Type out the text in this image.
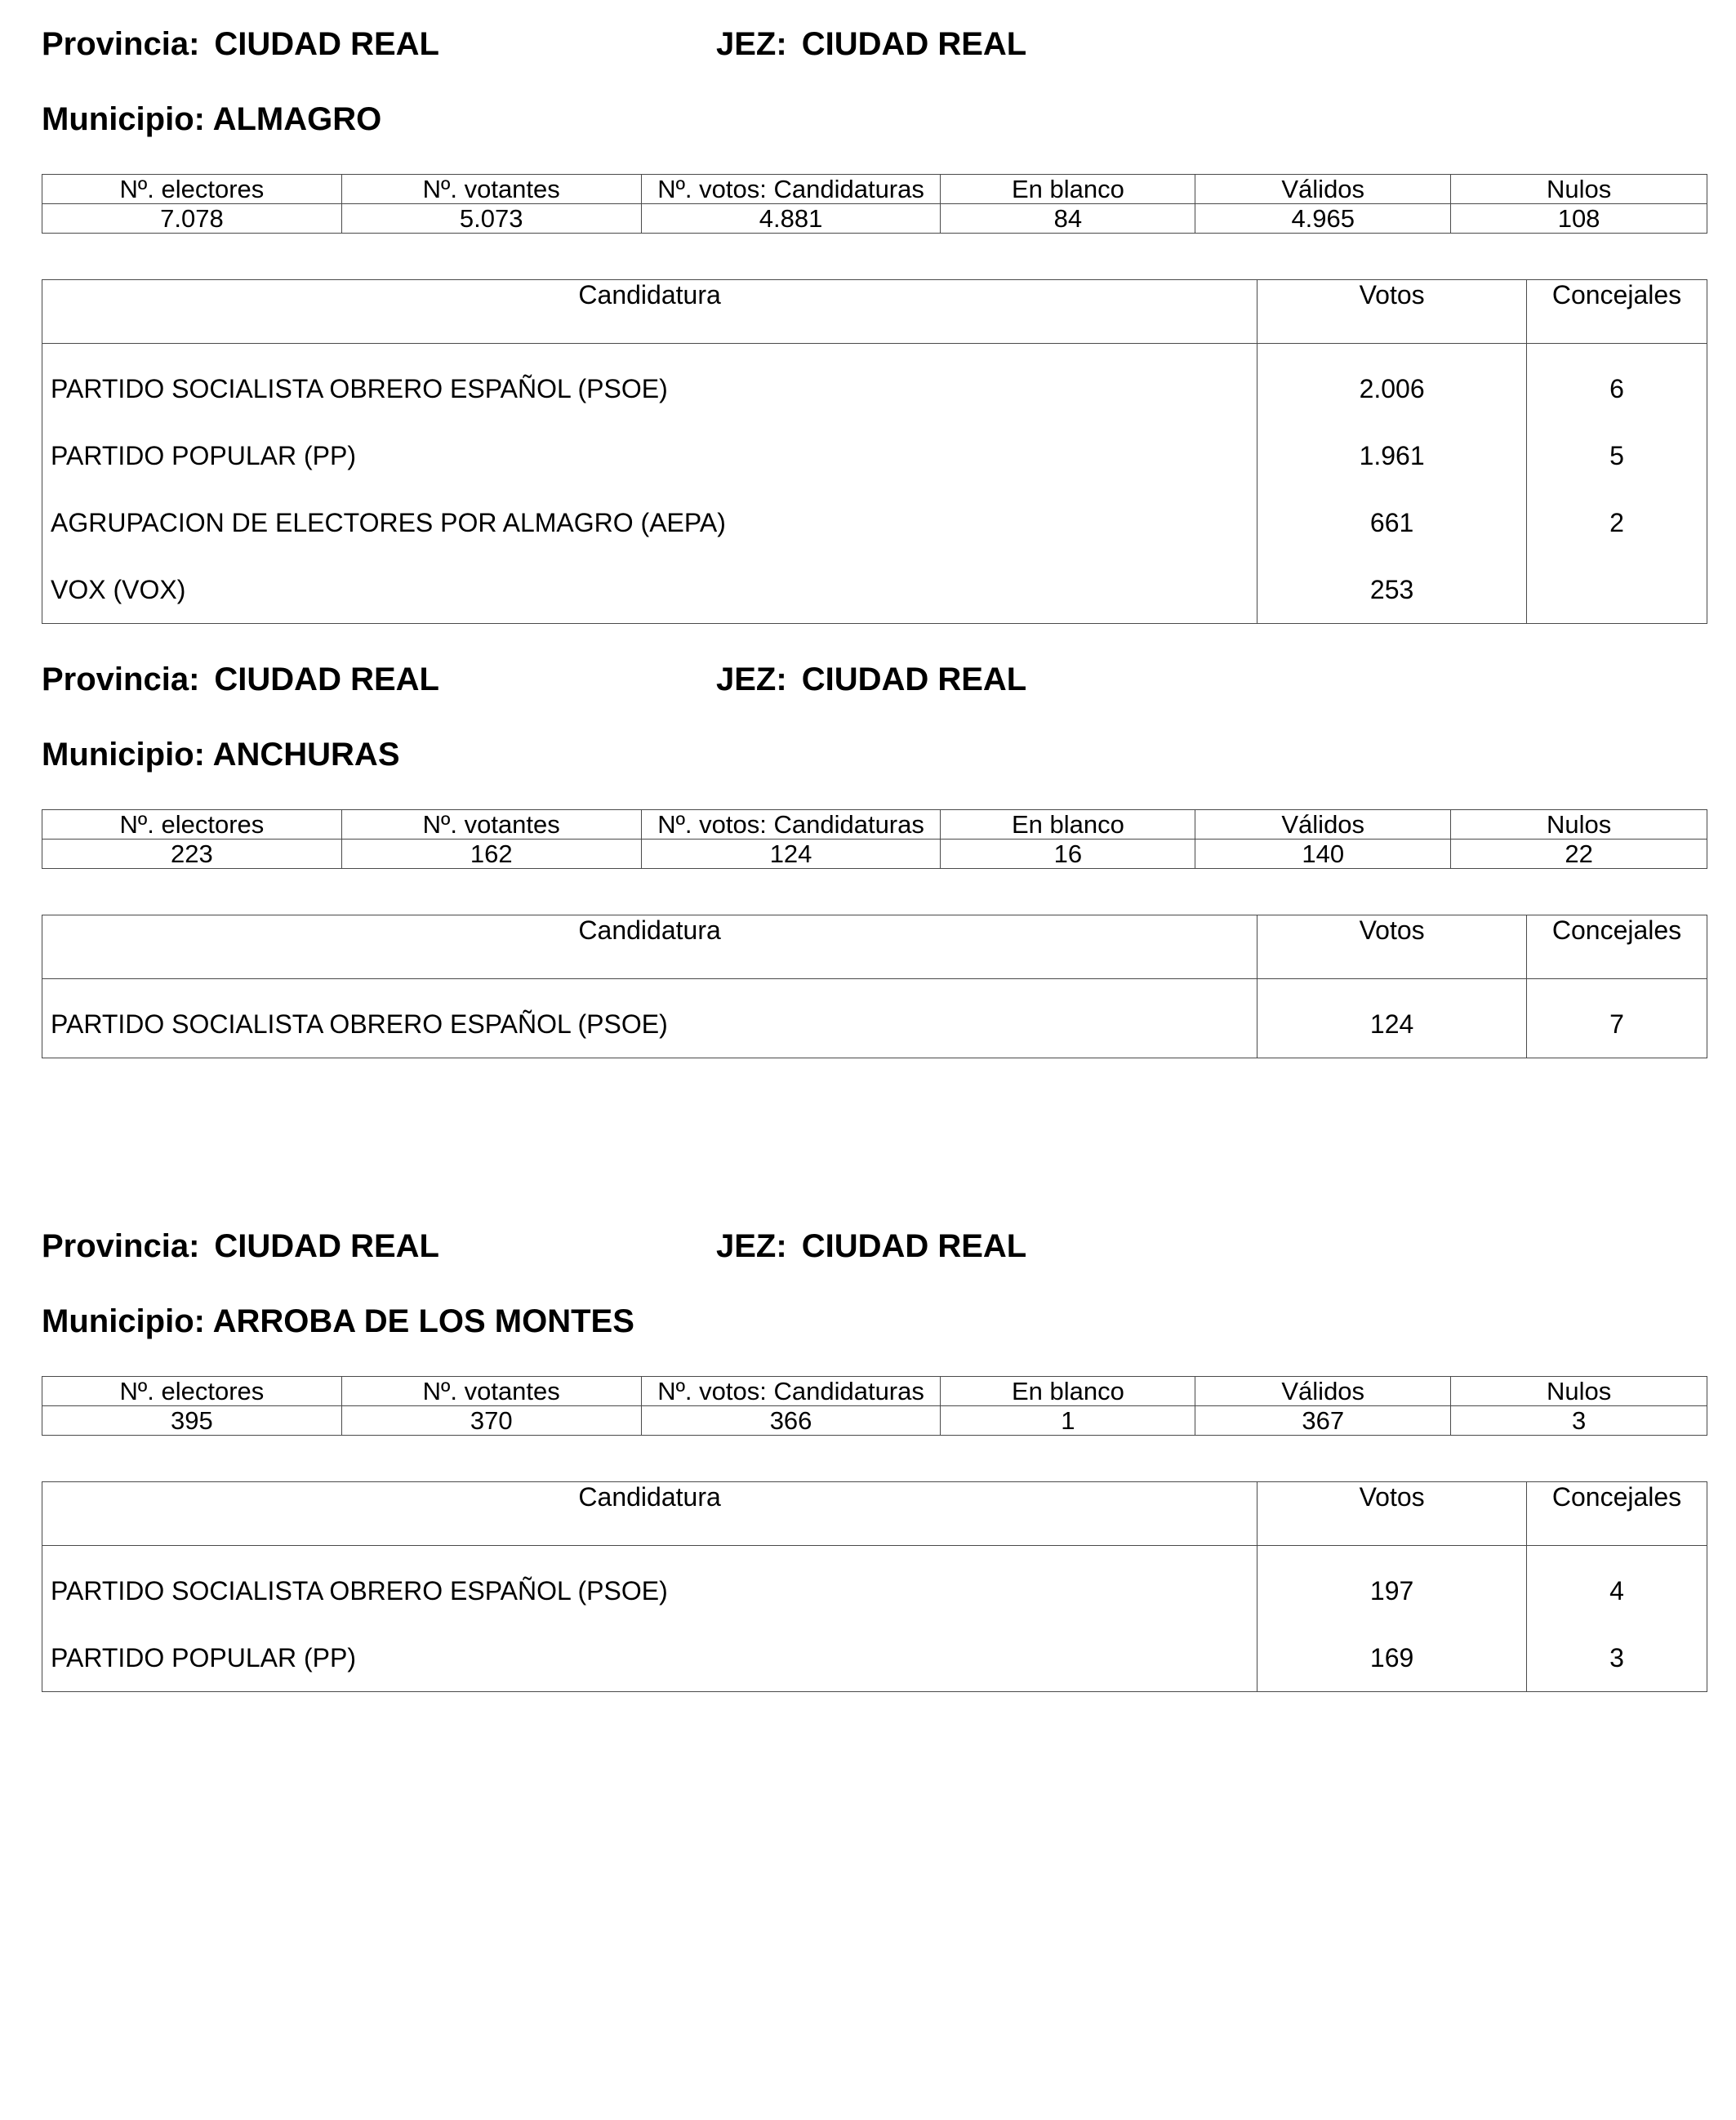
Provincia: CIUDAD REAL	JEZ: CIUDAD REAL
Municipio: ALMAGRO
Nº. electores	Nº. votantes	Nº. votos: Candidaturas	En blanco	Válidos	Nulos
7.078	5.073	4.881	84	4.965	108
Candidatura	Votos	Concejales
PARTIDO SOCIALISTA OBRERO ESPAÑOL (PSOE)	2.006	6
PARTIDO POPULAR (PP)	1.961	5
AGRUPACION DE ELECTORES POR ALMAGRO (AEPA)	661	2
VOX (VOX)	253	
Provincia: CIUDAD REAL	JEZ: CIUDAD REAL
Municipio: ANCHURAS
Nº. electores	Nº. votantes	Nº. votos: Candidaturas	En blanco	Válidos	Nulos
223	162	124	16	140	22
Candidatura	Votos	Concejales
PARTIDO SOCIALISTA OBRERO ESPAÑOL (PSOE)	124	7
Provincia: CIUDAD REAL	JEZ: CIUDAD REAL
Municipio: ARROBA DE LOS MONTES
Nº. electores	Nº. votantes	Nº. votos: Candidaturas	En blanco	Válidos	Nulos
395	370	366	1	367	3
Candidatura	Votos	Concejales
PARTIDO SOCIALISTA OBRERO ESPAÑOL (PSOE)	197	4
PARTIDO POPULAR (PP)	169	3
